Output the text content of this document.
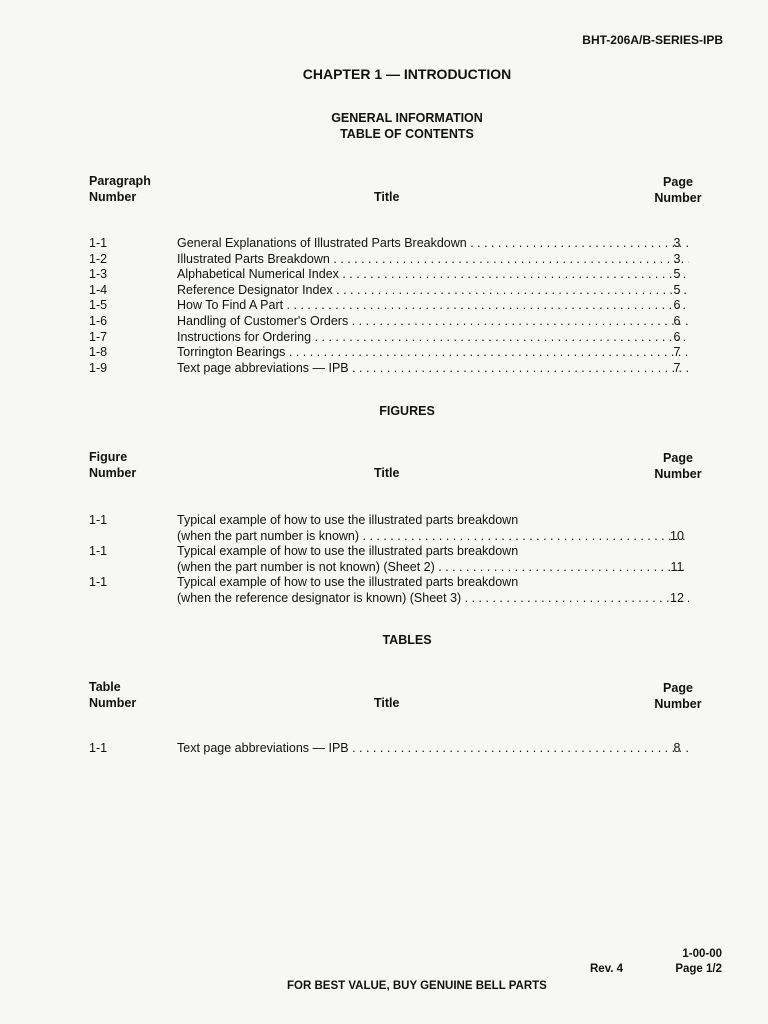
BHT-206A/B-SERIES-IPB
CHAPTER 1 — INTRODUCTION
GENERAL INFORMATION
TABLE OF CONTENTS
Paragraph
Number	Title
Page
Number
1-1	General Explanations of Illustrated Parts Breakdown . . .	3
1-2	Illustrated Parts Breakdown . . .	3
1-3	Alphabetical Numerical Index . . .	5
1-4	Reference Designator Index . . .	5
1-5	How To Find A Part . . .	6
1-6	Handling of Customer's Orders . . .	6
1-7	Instructions for Ordering . . .	6
1-8	Torrington Bearings . . .	7
1-9	Text page abbreviations — IPB . . .	7
FIGURES
Figure
Number	Title
Page
Number
1-1	Typical example of how to use the illustrated parts breakdown
(when the part number is known) . . .	10
1-1	Typical example of how to use the illustrated parts breakdown
(when the part number is not known) (Sheet 2) . . .	11
1-1	Typical example of how to use the illustrated parts breakdown
(when the reference designator is known) (Sheet 3) . . .	12
TABLES
Table
Number	Title
Page
Number
1-1	Text page abbreviations — IPB . . .	8
1-00-00
Rev. 4	Page 1/2
FOR BEST VALUE, BUY GENUINE BELL PARTS
